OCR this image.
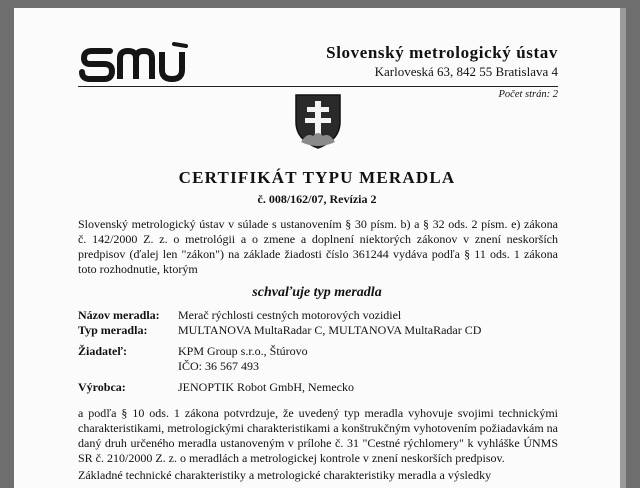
Slovenský metrologický ústav
Karloveská 63, 842 55 Bratislava 4
Počet strán: 2
CERTIFIKÁT TYPU MERADLA
č. 008/162/07, Revízia 2
Slovenský metrologický ústav v súlade s ustanovením § 30 písm. b) a § 32 ods. 2 písm. e) zákona č. 142/2000 Z. z. o metrológii a o zmene a doplnení niektorých zákonov v znení neskorších predpisov (ďalej len "zákon") na základe žiadosti číslo 361244 vydáva podľa § 11 ods. 1 zákona toto rozhodnutie, ktorým
schvaľuje typ meradla
Názov meradla: Merač rýchlosti cestných motorových vozidiel
Typ meradla:	MULTANOVA MultaRadar C, MULTANOVA MultaRadar CD
Žiadateľ:	KPM Group s.r.o., Štúrovo
IČO: 36 567 493
Výrobca:	JENOPTIK Robot GmbH, Nemecko
a podľa § 10 ods. 1 zákona potvrdzuje, že uvedený typ meradla vyhovuje svojimi technickými charakteristikami, metrologickými charakteristikami a konštrukčným vyhotovením požiadavkám na daný druh určeného meradla ustanoveným v prílohe č. 31 "Cestné rýchlomery" k vyhláške ÚNMS SR č. 210/2000 Z. z. o meradlách a metrologickej kontrole v znení neskorších predpisov.
Základné technické charakteristiky a metrologické charakteristiky meradla a výsledky
